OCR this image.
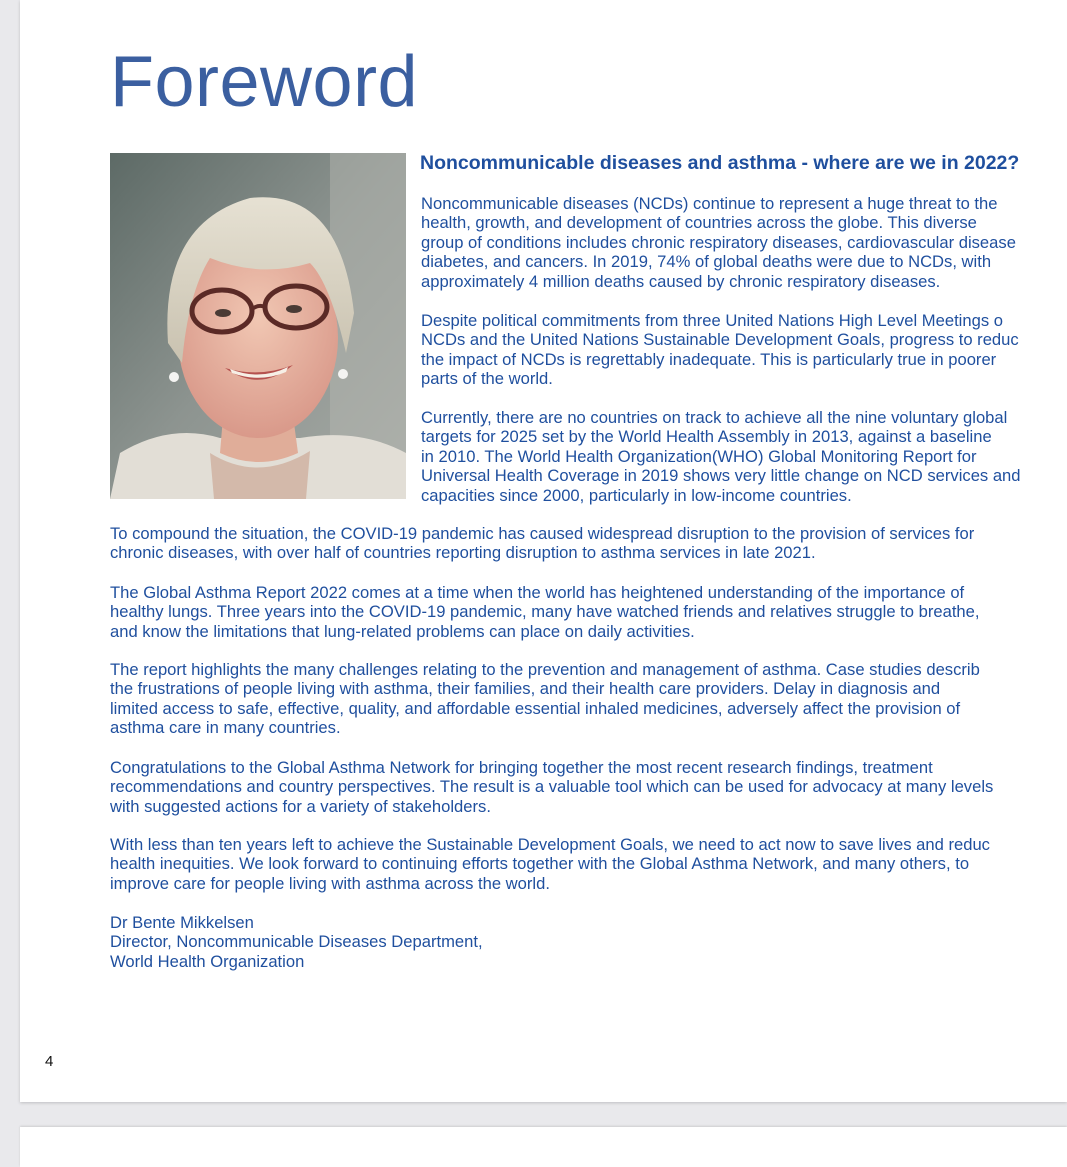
Foreword
Noncommunicable diseases and asthma - where are we in 2022?
Noncommunicable diseases (NCDs) continue to represent a huge threat to the
health, growth, and development of countries across the globe. This diverse
group of conditions includes chronic respiratory diseases, cardiovascular disease
diabetes, and cancers. In 2019, 74% of global deaths were due to NCDs, with
approximately 4 million deaths caused by chronic respiratory diseases.
Despite political commitments from three United Nations High Level Meetings o
NCDs and the United Nations Sustainable Development Goals, progress to reduc
the impact of NCDs is regrettably inadequate. This is particularly true in poorer
parts of the world.
Currently, there are no countries on track to achieve all the nine voluntary global
targets for 2025 set by the World Health Assembly in 2013, against a baseline
in 2010. The World Health Organization(WHO) Global Monitoring Report for
Universal Health Coverage in 2019 shows very little change on NCD services and
capacities since 2000, particularly in low-income countries.
To compound the situation, the COVID-19 pandemic has caused widespread disruption to the provision of services for
chronic diseases, with over half of countries reporting disruption to asthma services in late 2021.
The Global Asthma Report 2022 comes at a time when the world has heightened understanding of the importance of
healthy lungs. Three years into the COVID-19 pandemic, many have watched friends and relatives struggle to breathe,
and know the limitations that lung-related problems can place on daily activities.
The report highlights the many challenges relating to the prevention and management of asthma. Case studies describ
the frustrations of people living with asthma, their families, and their health care providers. Delay in diagnosis and
limited access to safe, effective, quality, and affordable essential inhaled medicines, adversely affect the provision of
asthma care in many countries.
Congratulations to the Global Asthma Network for bringing together the most recent research findings, treatment
recommendations and country perspectives. The result is a valuable tool which can be used for advocacy at many levels
with suggested actions for a variety of stakeholders.
With less than ten years left to achieve the Sustainable Development Goals, we need to act now to save lives and reduc
health inequities. We look forward to continuing efforts together with the Global Asthma Network, and many others, to
improve care for people living with asthma across the world.
Dr Bente Mikkelsen
Director, Noncommunicable Diseases Department,
World Health Organization
4
